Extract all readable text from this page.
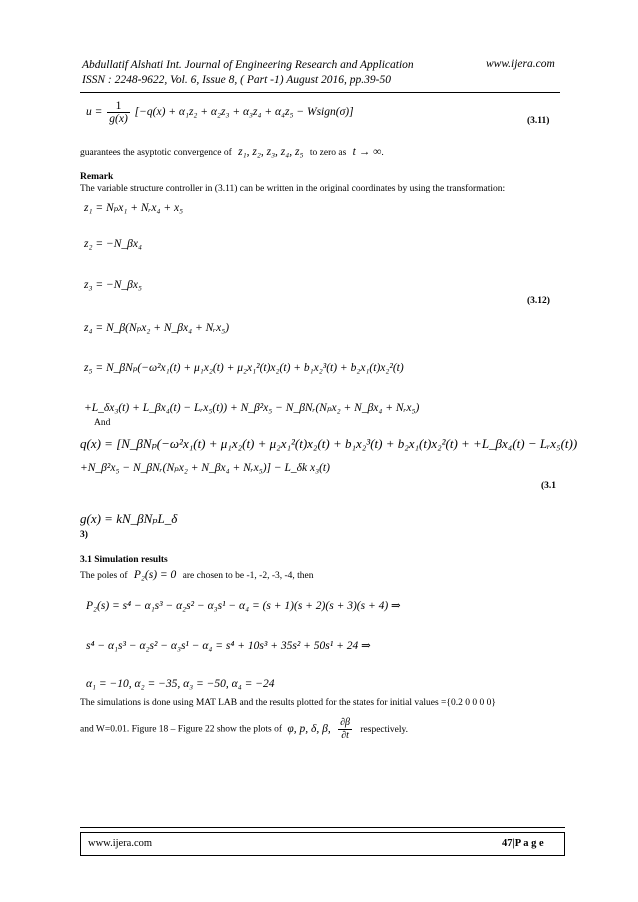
Abdullatif Alshati Int. Journal of Engineering Research and Application
ISSN : 2248-9622, Vol. 6, Issue 8, ( Part -1) August 2016, pp.39-50
www.ijera.com
$u = \frac{1}{g(x)} [-q(x) + \alpha_1z_2 + \alpha_2z_3 + \alpha_3z_4 + \alpha_4z_5$ − Wsign(σ)]
(3.11)
guarantees the asyptotic convergence of z₁, z₂, z₃, z₄, z₅ to zero as t → ∞.
Remark
The variable structure controller in (3.11) can be written in the original coordinates by using the transformation:
z₁ = Nₚx₁ + Nᵣx₄ + x₅
z₂ = −N_βx₄
z₃ = −N_βx₅
(3.12)
z₄ = N_β(Nₚx₂ + N_βx₄ + Nᵣx₅)
z₅ = N_βNₚ(−ω²x₁(t) + μ₁x₂(t) + μ₂x₁²(t)x₂(t) + b₁x₂³(t) + b₂x₁(t)x₂²(t)
+L_δx₃(t) + L_βx₄(t) − Lᵣx₅(t)) + N_β²x₅ − N_βNᵣ(Nₚx₂ + N_βx₄ + Nᵣx₅)
And
q(x) = [N_βNₚ(−ω²x₁(t) + μ₁x₂(t) + μ₂x₁²(t)x₂(t) + b₁x₂³(t) + b₂x₁(t)x₂²(t) + +L_βx₄(t) − Lᵣx₅(t))
+N_β²x₅ − N_βNᵣ(Nₚx₂ + N_βx₄ + Nᵣx₅)] − L_δk x₃(t)
(3.1
g(x) = kN_βNₚL_δ
3)
3.1 Simulation results
The poles of P₂(s) = 0 are chosen to be -1, -2, -3, -4, then
P₂(s) = s⁴ − α₁s³ − α₂s² − α₃s¹ − α₄ = (s + 1)(s + 2)(s + 3)(s + 4) ⇒
s⁴ − α₁s³ − α₂s² − α₃s¹ − α₄ = s⁴ + 10s³ + 35s² + 50s¹ + 24 ⇒
α₁ = −10, α₂ = −35, α₃ = −50, α₄ = −24
The simulations is done using MAT LAB and the results plotted for the states for initial values ={0.2 0 0 0 0}
and W=0.01. Figure 18 – Figure 22 show the plots of φ, p, δ, β, $\frac{\partial\beta}{\partial t}$ respectively.
www.ijera.com	47|P a g e
